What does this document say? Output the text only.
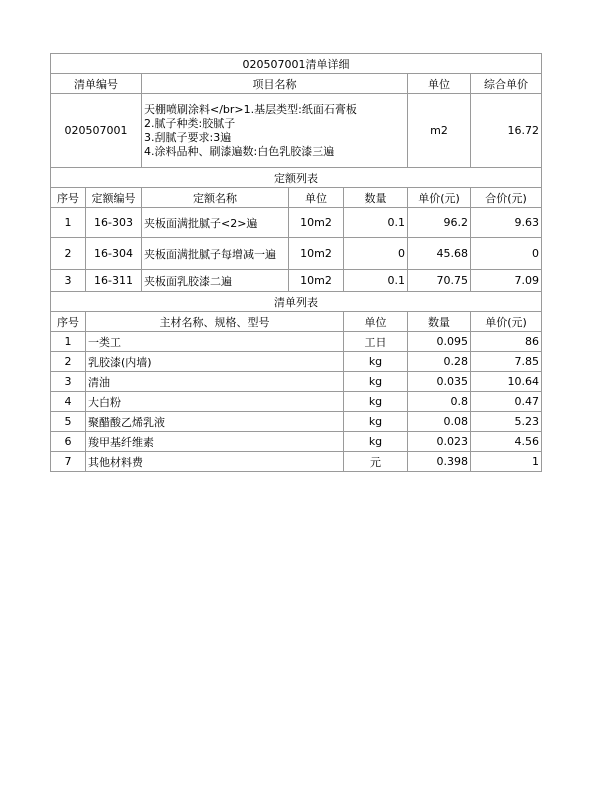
020507001清单详细							
清单编号		项目名称			单位	综合单价	
020507001		天棚喷刷涂料</br>1.基层类型:纸面石膏板
2.腻子种类:胶腻子
3.刮腻子要求:3遍
4.涂料品种、刷漆遍数:白色乳胶漆三遍			m2	16.72	
定额列表							
序号	定额编号	定额名称	单位	数量	单价(元)	合价(元)	
1	16-303	夹板面满批腻子<2>遍	10m2	0.1	96.2	9.63	
2	16-304	夹板面满批腻子每增减一遍	10m2	0	45.68	0	
3	16-311	夹板面乳胶漆二遍	10m2	0.1	70.75	7.09	
清单列表							
序号	主材名称、规格、型号			单位	数量	单价(元)	
1	一类工			工日	0.095	86	
2	乳胶漆(内墙)			kg	0.28	7.85	
3	清油			kg	0.035	10.64	
4	大白粉			kg	0.8	0.47	
5	聚醋酸乙烯乳液			kg	0.08	5.23	
6	羧甲基纤维素			kg	0.023	4.56	
7	其他材料费			元	0.398	1	
